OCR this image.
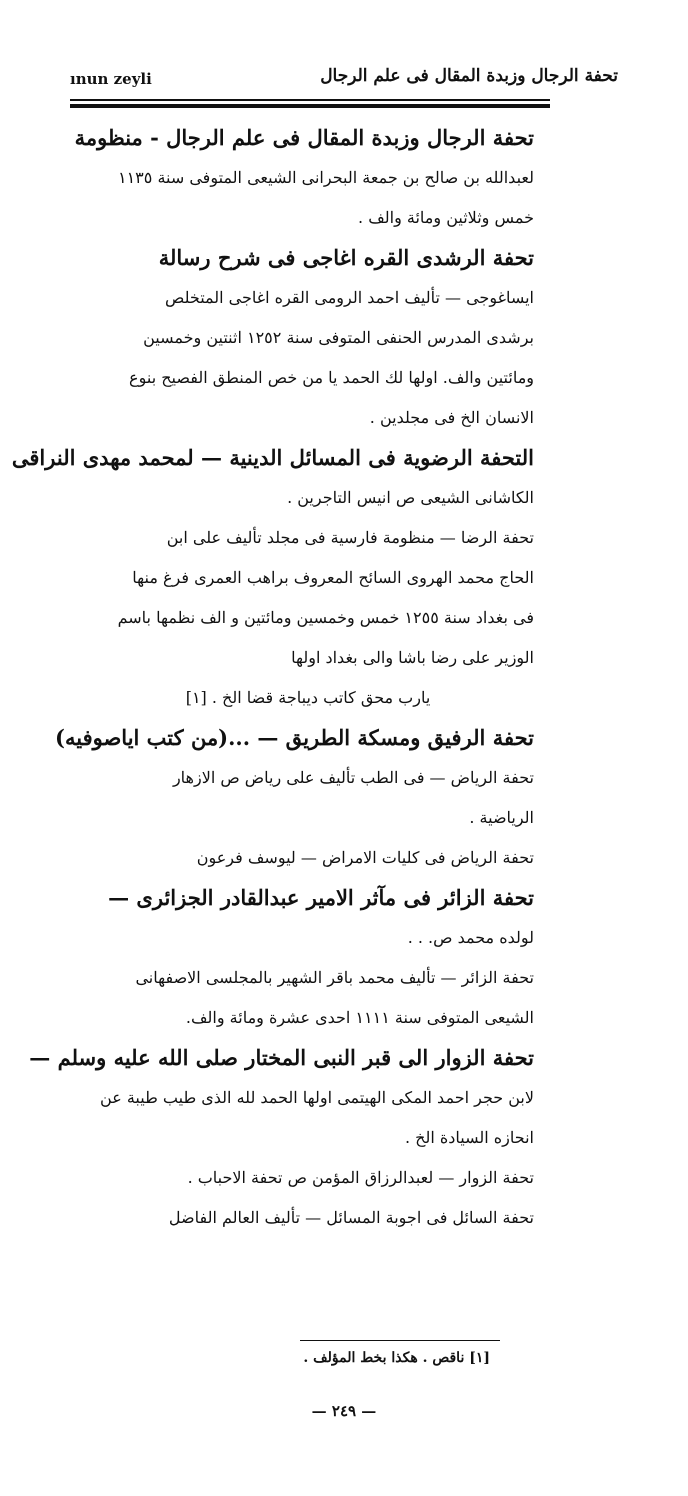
ınun zeyli	تحفة الرجال وزبدة المقال فى علم الرجال
تحفة الرجال وزبدة المقال فى علم الرجال - منظومة
لعبدالله بن صالح بن جمعة البحرانى الشيعى المتوفى سنة ١١٣٥
خمس وثلاثين ومائة والف .
تحفة الرشدى القره اغاجى فى شرح رسالة
ايساغوجى — تأليف احمد الرومى القره اغاجى المتخلص
برشدى المدرس الحنفى المتوفى سنة ١٢٥٢ اثنتين وخمسين
ومائتين والف. اولها لك الحمد يا من خص المنطق الفصيح بنوع
الانسان الخ فى مجلدين .
التحفة الرضوية فى المسائل الدينية — لمحمد مهدى النراقى
الكاشانى الشيعى ص انيس التاجرين .
تحفة الرضا — منظومة فارسية فى مجلد تأليف على ابن
الحاج محمد الهروى السائح المعروف براهب العمرى فرغ منها
فى بغداد سنة ١٢٥٥ خمس وخمسين ومائتين و الف نظمها باسم
الوزير على رضا باشا والى بغداد اولها
يارب محق كاتب ديباجة قضا الخ . [١]
تحفة الرفيق ومسكة الطريق — ...(من كتب اياصوفيه)
تحفة الرياض — فى الطب تأليف على رياض ص الازهار
الرياضية .
تحفة الرياض فى كليات الامراض — ليوسف فرعون
تحفة الزائر فى مآثر الامير عبدالقادر الجزائرى —
لولده محمد ص. . .
تحفة الزائر — تأليف محمد باقر الشهير بالمجلسى الاصفهانى
الشيعى المتوفى سنة ١١١١ احدى عشرة ومائة والف.
تحفة الزوار الى قبر النبى المختار صلى الله عليه وسلم —
لابن حجر احمد المكى الهيتمى اولها الحمد لله الذى طيب طيبة عن
انحازه السيادة الخ .
تحفة الزوار — لعبدالرزاق المؤمن ص تحفة الاحباب .
تحفة السائل فى اجوبة المسائل — تأليف العالم الفاضل
[١] ناقص . هكذا بخط المؤلف .
— ٢٤٩ —
